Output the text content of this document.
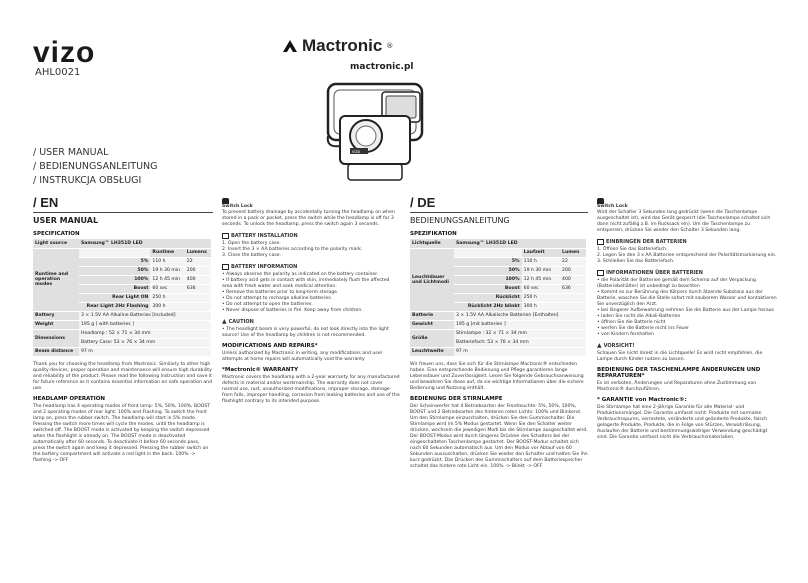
vizo
AHL0021
/ USER MANUAL
/ BEDIENUNGSANLEITUNG
/ INSTRUKCJA OBSŁUGI
Mactronic ®
mactronic.pl
vizo
/ EN
USER MANUAL
SPECIFICATION
Light source	Samsung™ LH351D LED		
Runtime and operation modes		Runtime	Lumens
	5%	110 h	22
	50%	19 h 30 min	200
	100%	12 h 45 min	400
	Boost	60 sec	636
	Rear Light ON	250 h	
	Rear Light 2Hz Flashing	300 h	
Battery	3 × 1.5V AA Alkaline Batteries [Included]		
Weight	195 g [ with batteries ]		
Dimensions	Headlamp : 52 × 71 × 34 mm		
	Battery Case: 53 × 76 × 34 mm		
Beam distance	97 m		

Thank you for choosing the headlamp from Mactronic. Similarly to other high quality devices, proper operation and maintenance will ensure high durability and reliability of the product. Please read the following instruction and save it for future reference as it contains essential information on safe operation and use.

HEADLAMP OPERATION

The headlamp has 4 operating modes of front lamp: 5%, 50%, 100%, BOOST and 2 operating modes of rear light: 100% and Flashing. To switch the front lamp on, press the rubber switch. The headlamp will start in 5% mode. Pressing the switch more times will cycle the modes, until the headlamp is switched off. The BOOST mode is activated by keeping the switch depressed when the flashlight is already on. The BOOST mode is deactivated automatically after 60 seconds. To deactivate it before 60 seconds pass, press the switch again and keep it depressed. Pressing the rubber switch on the battery compartment will activate a red light in the back. 100% -> flashing -> OFF

Switch Lock

To prevent battery drainage by accidentally turning the headlamp on when stored in a pack or pocket, press the switch while the headlamp is off for 3 seconds. To unlock the headlamp, press the switch again 3 seconds.

BATTERY INSTALLATION
1. Open the battery case.
2. Insert the 3 × AA batteries according to the polarity mark.
3. Close the battery case.
BATTERY INFORMATION
• Always observe the polarity as indicated on the battery container.
• If battery acid gets in contact with skin, immediately flush the affected area with fresh water and seek medical attention.
• Remove the batteries prior to long-term storage.
• Do not attempt to recharge alkaline batteries.
• Do not attempt to open the batteries.
• Never dispose of batteries in fire. Keep away from children.
▲ CAUTION
• The headlight beam is very powerful, do not look directly into the light source! Use of the headlamp by children is not recommended.
MODIFICATIONS AND REPAIRS*

Unless authorized by Mactronic in writing, any modifications and user attempts at home repairs will automatically void the warranty

*Mactronic® WARRANTY

Mactronic covers the headlamp with a 2-year warranty for any manufactured defects in material and/or workmanship. The warranty does not cover normal use, rust, unauthorized modifications, improper storage, damage from falls, improper handling, corrosion from leaking batteries and use of the flashlight contrary to its intended purpose.

/ DE
BEDIENUNGSANLEITUNG
SPEZIFIKATION
Lichtquelle	Samsung™ LH351D LED		
Leuchtdauer und Lichtmodi		Laufzeit	Lumen
	5%	110 h	22
	50%	19 h 30 min	200
	100%	12 h 45 min	400
	Boost	60 sec	636
	Rücklicht	250 h	
	Rücklicht 2Hz blinkt	300 h	
Batterie	3 × 1.5V AA Alkalische Batterien [Enthalten]		
Gewicht	195 g [mit batterien ]		
Größe	Stirnlampe : 32 × 71 × 34 mm		
	Batteriefach: 53 × 76 × 34 mm		
Leuchtweite	97 m		

Wir freuen uns, dass Sie sich für die Stirnlampe Mactronic® entschieden haben. Eine entsprechende Bedienung und Pflege garantieren lange Lebensdauer und Zuverlässigkeit. Lesen Sie folgende Gebrauchsanweisung und bewahren Sie diese auf, da sie wichtige Informationen über die sichere Bedienung und Nutzung enthält.

BEDIENUNG DER STIRNLAMPE

Der Scheinwerfer hat 4 Betriebsarten der Frontleuchte: 5%, 50%, 100%, BOOST und 2 Betriebsarten des hinteren roten Lichts: 100% und Blinkend. Um den Stirnlampe einzuschalten, drücken Sie den Gummischalter. Die Stirnlampe wird im 5% Modus gestartet. Wenn Sie den Schalter weiter drücken, wechseln die jeweiligen Modi bis die Stirnlampe ausgeschaltet wird. Der BOOST-Modus wird durch längeres Drücken des Schalters bei der eingeschalteten Taschenlampe gestartet. Der BOOST-Modus schaltet sich nach 60 Sekunden automatisch aus. Um den Modus vor Ablauf von 60 Sekunden auszuschalten, drücken Sie wieder den Schalter und halten Sie ihn kurz gedrückt. Das Drücken des Gummischalters auf dem Batteriespeicher schaltet das hintere rote Licht ein. 100% -> Blinkt -> OFF

Switch Lock

Wird der Schalter 3 Sekunden lang gedrückt (wenn die Taschenlampe ausgeschaltet ist), wird das Gerät gesperrt (die Taschenlampe schaltet sich dann nicht zufällig z.B. im Rucksack ein). Um die Taschenlampe zu entsperren, drücken Sie wieder den Schalter 3 Sekunden lang.

EINBRINGEN DER BATTERIEN
1. Öffnen Sie das Batteriefach.
2. Legen Sie den 3 x AA Batterien entsprechend der Polaritätsmarkierung ein.
3. Schließen Sie das Batteriefach.
INFORMATIONEN ÜBER BATTERIEN
• die Polarität der Batterien gemäß dem Schema auf der Verpackung (Batteriebehälter) ist unbedingt zu beachten
• Kommt es zur Berührung des Körpers durch ätzende Substanz aus der Batterie, waschen Sie die Stelle sofort mit sauberem Wasser und kontaktieren Sie unverzüglich den Arzt.
• bei längerer Aufbewahrung nehmen Sie die Batterie aus der Lampe heraus
• laden Sie nicht die Alkali-Batterien
• öffnen Sie die Batterie nicht
• werfen Sie die Batterie nicht ins Feuer
• von Kindern fernhalten
▲ VORSICHT!

Schauen Sie nicht direkt in die Lichtquelle! Es wird nicht empfohlen, die Lampe durch Kinder nutzen zu lassen.

BEDIENUNG DER TASCHENLAMPE ÄNDERUNGEN UND REPARATUREN*

Es ist verboten, Änderungen und Reparaturen ohne Zustimmung von Mactronic® durchzuführen.

* GARANTIE von Mactronic®:

Die Stirnlampe hat eine 2-jährige Garantie für alle Material- und Produktionsmängel. Die Garantie umfasst nicht: Produkte mit normalen Verbrauchsspuren, verrostete, veränderte und geänderte Produkte, falsch gelagerte Produkte, Produkte, die in Folge von Stürzen, Verwahrlösung, Auslaufen der Batterie und bestimmungswidriger Verwendung geschädigt sind. Die Garantie umfasst nicht die Verbrauchsmaterialien.
